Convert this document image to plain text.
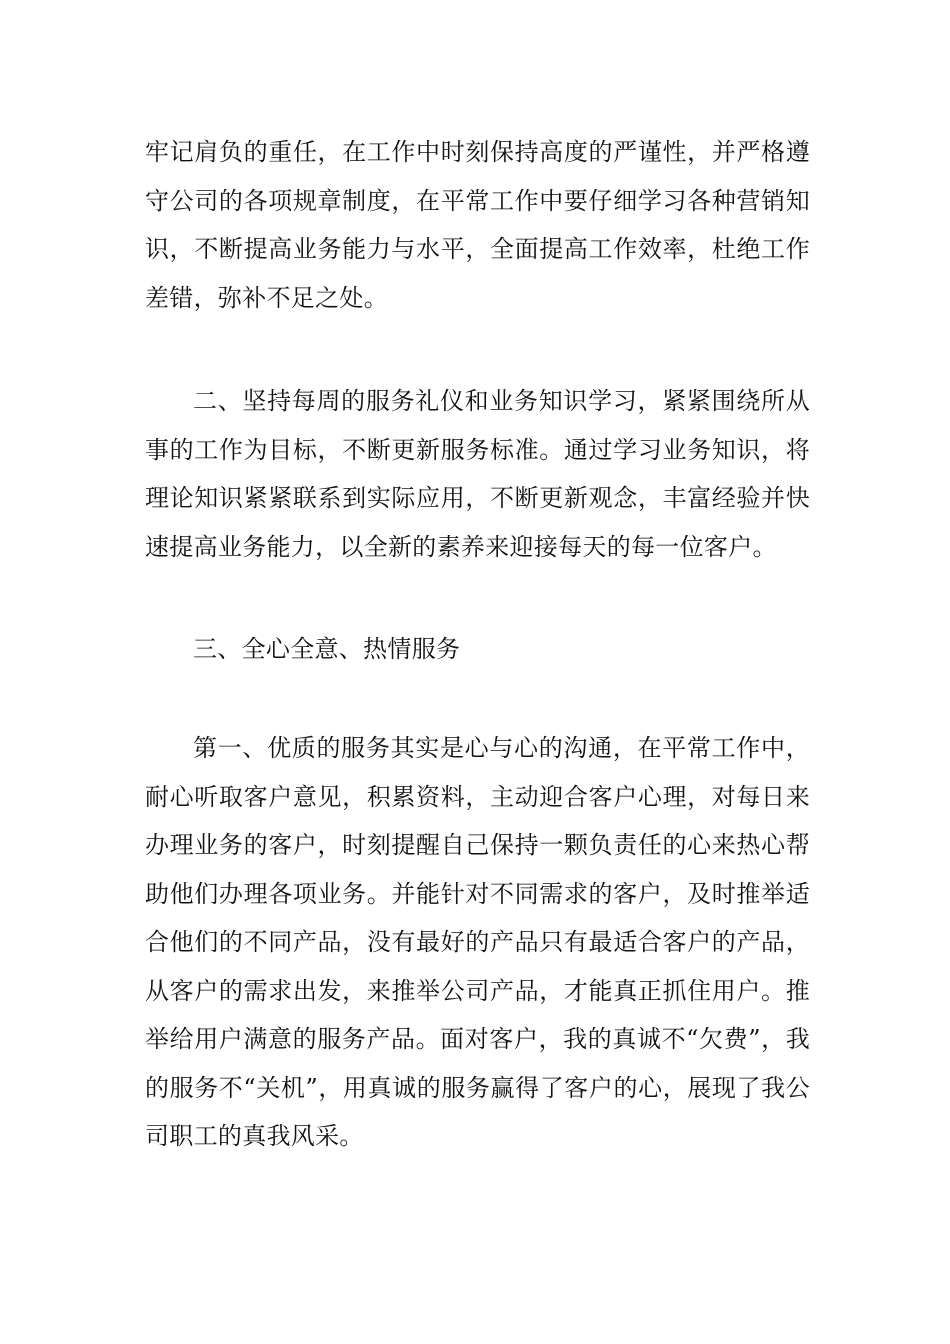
牢记肩负的重任，在工作中时刻保持高度的严谨性，并严格遵守公司的各项规章制度，在平常工作中要仔细学习各种营销知识，不断提高业务能力与水平，全面提高工作效率，杜绝工作差错，弥补不足之处。

二、坚持每周的服务礼仪和业务知识学习，紧紧围绕所从事的工作为目标，不断更新服务标准。通过学习业务知识，将理论知识紧紧联系到实际应用，不断更新观念，丰富经验并快速提高业务能力，以全新的素养来迎接每天的每一位客户。

三、全心全意、热情服务

第一、优质的服务其实是心与心的沟通，在平常工作中，耐心听取客户意见，积累资料，主动迎合客户心理，对每日来办理业务的客户，时刻提醒自己保持一颗负责任的心来热心帮助他们办理各项业务。并能针对不同需求的客户，及时推举适合他们的不同产品，没有最好的产品只有最适合客户的产品，从客户的需求出发，来推举公司产品，才能真正抓住用户。推举给用户满意的服务产品。面对客户，我的真诚不“欠费”，我的服务不“关机”，用真诚的服务赢得了客户的心，展现了我公司职工的真我风采。
